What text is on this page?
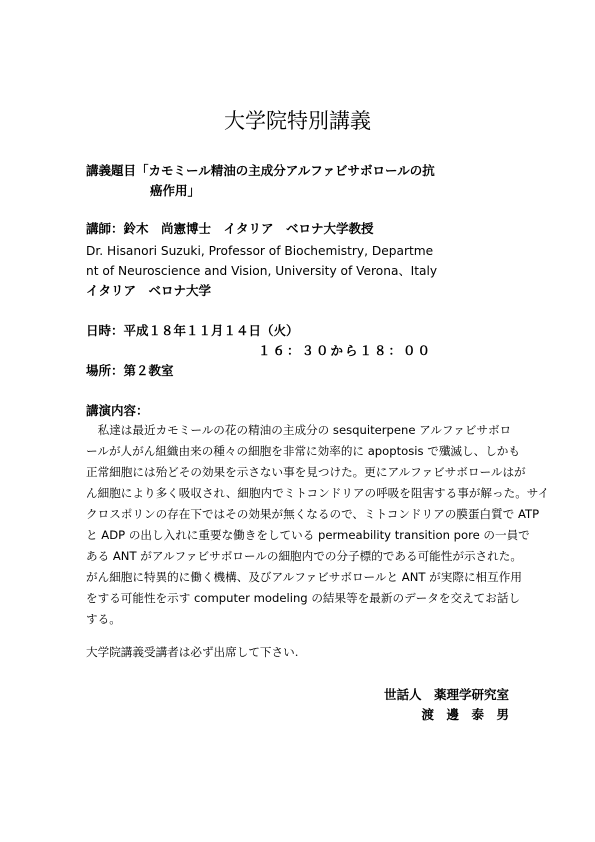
大学院特別講義
講義題目「カモミール精油の主成分アルファビサボロールの抗
癌作用」
講師：鈴木　尚憲博士　イタリア　ベロナ大学教授
Dr. Hisanori Suzuki, Professor of Biochemistry, Departme
nt of Neuroscience and Vision, University of Verona、Italy
イタリア　ベロナ大学
日時：平成１８年１１月１４日（火）
１６：３０から１８：００
場所：第２教室
講演内容：
　私達は最近カモミールの花の精油の主成分の sesquiterpene アルファビサボロ
ールが人がん組織由来の種々の細胞を非常に効率的に apoptosis で殲滅し、しかも
正常細胞には殆どその効果を示さない事を見つけた。更にアルファビサボロールはが
ん細胞により多く吸収され、細胞内でミトコンドリアの呼吸を阻害する事が解った。サイ
クロスポリンの存在下ではその効果が無くなるので、ミトコンドリアの膜蛋白質で ATP
と ADP の出し入れに重要な働きをしている permeability transition pore の一員で
ある ANT がアルファビサボロールの細胞内での分子標的である可能性が示された。
がん細胞に特異的に働く機構、及びアルファビサボロールと ANT が実際に相互作用
をする可能性を示す computer modeling の結果等を最新のデータを交えてお話し
する。
大学院講義受講者は必ず出席して下さい.
世話人　薬理学研究室
渡　邊　泰　男
